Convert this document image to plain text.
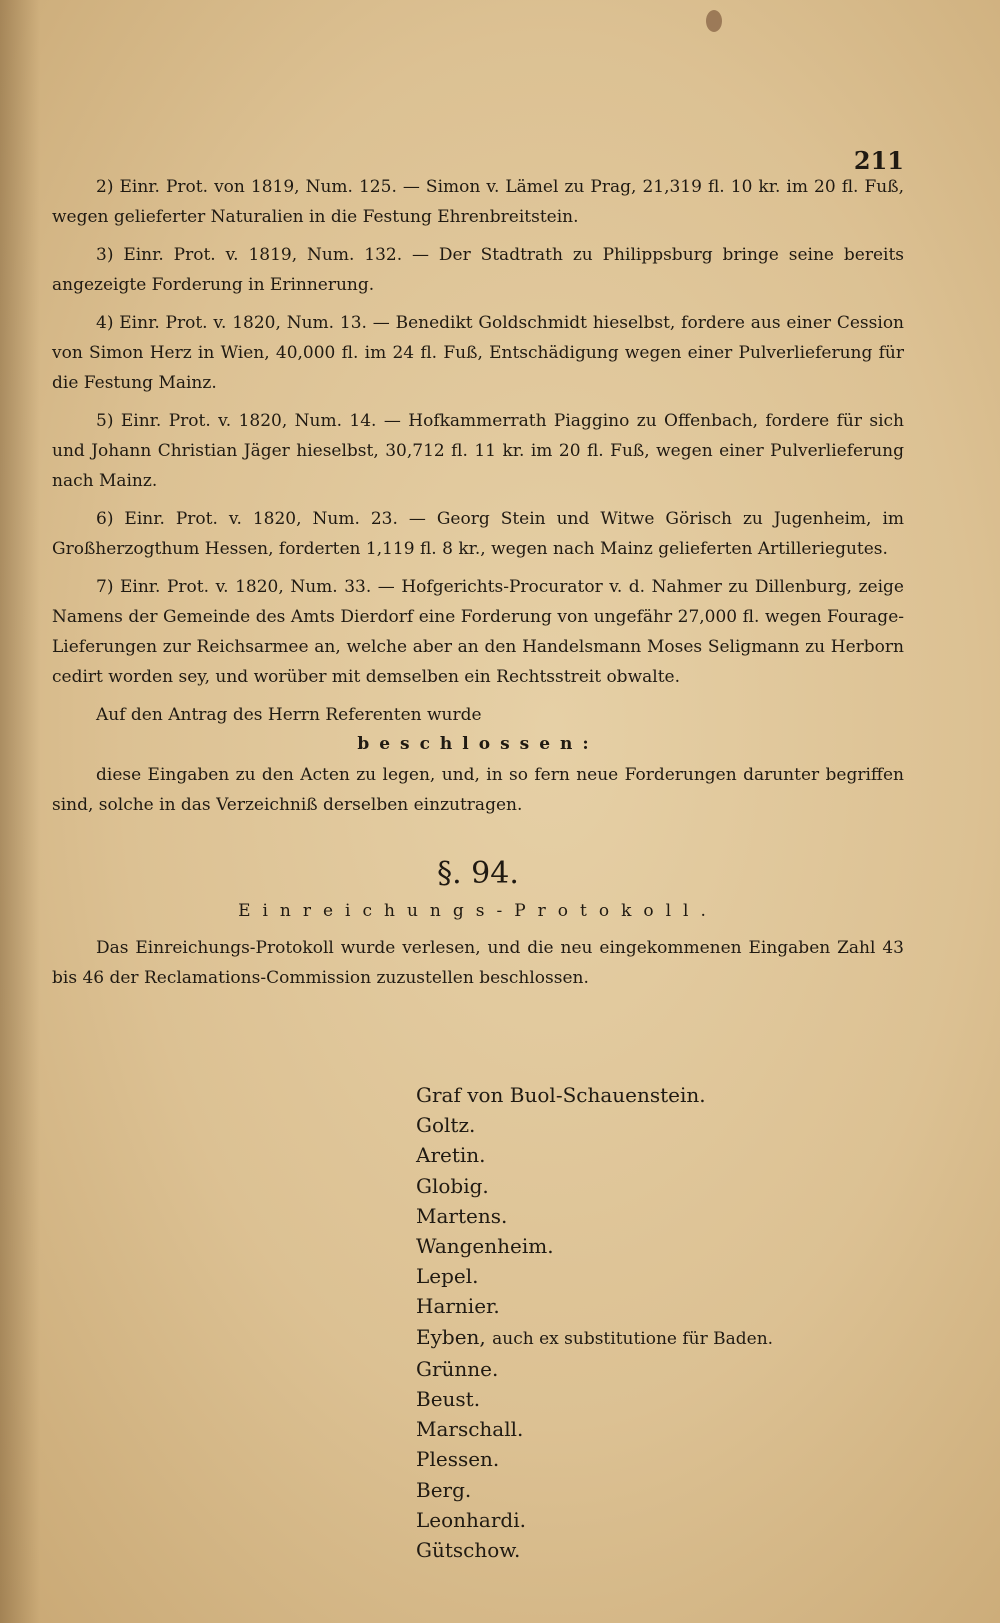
211

2) Einr. Prot. von 1819, Num. 125. — Simon v. Lämel zu Prag, 21,319 fl. 10 kr. im 20 fl. Fuß, wegen gelieferter Naturalien in die Festung Ehrenbreitstein.

3) Einr. Prot. v. 1819, Num. 132. — Der Stadtrath zu Philippsburg bringe seine bereits angezeigte Forderung in Erinnerung.

4) Einr. Prot. v. 1820, Num. 13. — Benedikt Goldschmidt hieselbst, fordere aus einer Cession von Simon Herz in Wien, 40,000 fl. im 24 fl. Fuß, Entschädigung wegen einer Pulverlieferung für die Festung Mainz.

5) Einr. Prot. v. 1820, Num. 14. — Hofkammerrath Piaggino zu Offenbach, fordere für sich und Johann Christian Jäger hieselbst, 30,712 fl. 11 kr. im 20 fl. Fuß, wegen einer Pulverlieferung nach Mainz.

6) Einr. Prot. v. 1820, Num. 23. — Georg Stein und Witwe Görisch zu Jugenheim, im Großherzogthum Hessen, forderten 1,119 fl. 8 kr., wegen nach Mainz gelieferten Artilleriegutes.

7) Einr. Prot. v. 1820, Num. 33. — Hofgerichts-Procurator v. d. Nahmer zu Dillenburg, zeige Namens der Gemeinde des Amts Dierdorf eine Forderung von ungefähr 27,000 fl. wegen Fourage-Lieferungen zur Reichsarmee an, welche aber an den Handelsmann Moses Seligmann zu Herborn cedirt worden sey, und worüber mit demselben ein Rechtsstreit obwalte.

Auf den Antrag des Herrn Referenten wurde

beschlossen:

diese Eingaben zu den Acten zu legen, und, in so fern neue Forderungen darunter begriffen sind, solche in das Verzeichniß derselben einzutragen.

§. 94.
Einreichungs-Protokoll.

Das Einreichungs-Protokoll wurde verlesen, und die neu eingekommenen Eingaben Zahl 43 bis 46 der Reclamations-Commission zuzustellen beschlossen.

Graf von Buol-Schauenstein.
Goltz.
Aretin.
Globig.
Martens.
Wangenheim.
Lepel.
Harnier.
Eyben, auch ex substitutione für Baden.
Grünne.
Beust.
Marschall.
Plessen.
Berg.
Leonhardi.
Gütschow.
